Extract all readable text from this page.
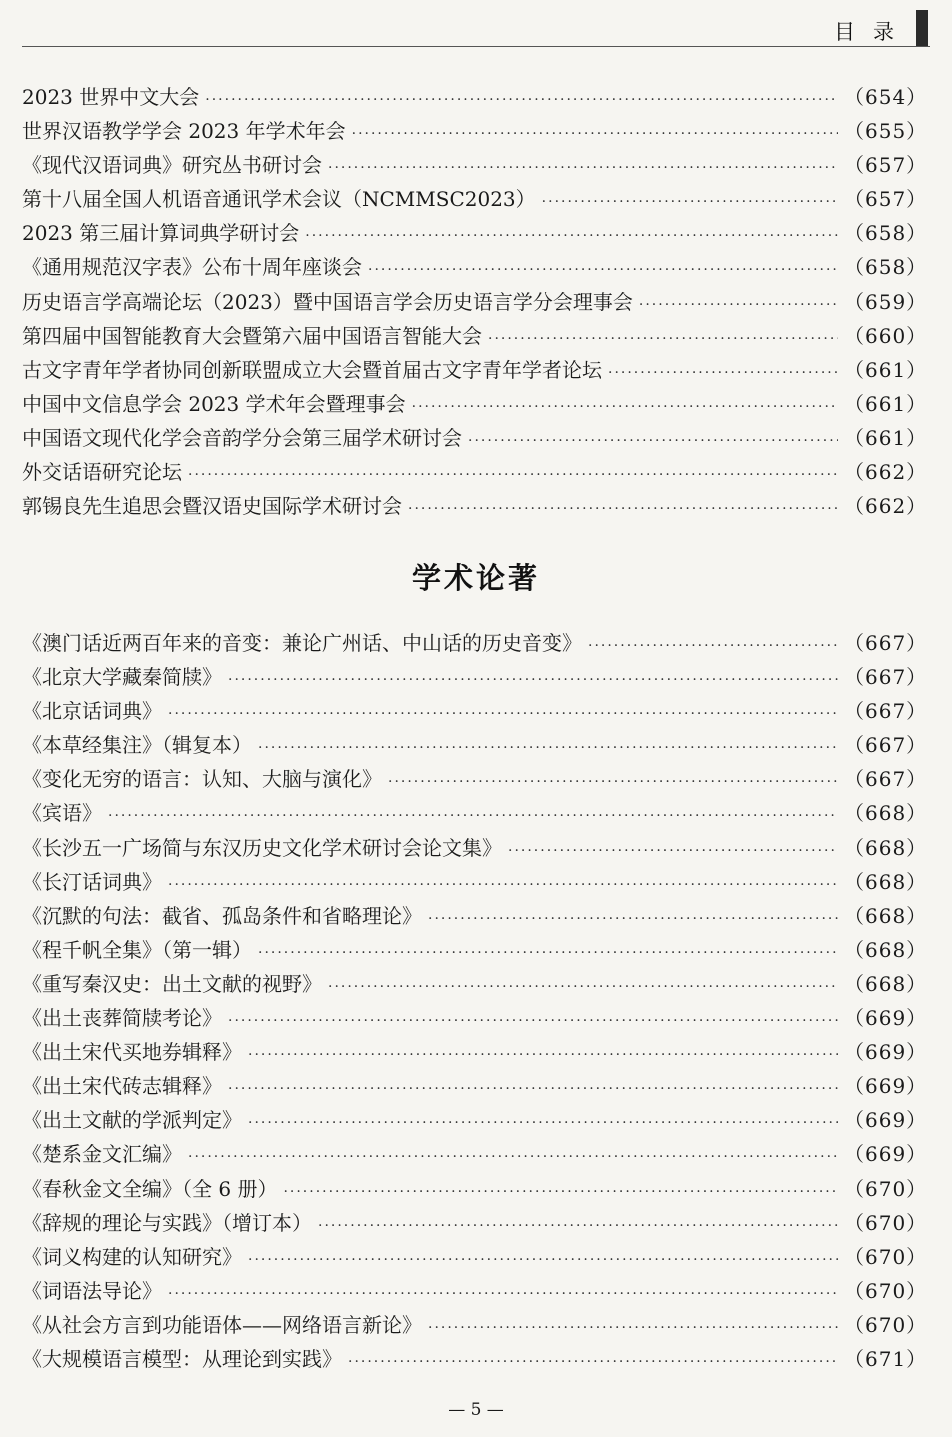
目录
2023 世界中文大会 ·····	（654）
世界汉语教学学会 2023 年学术年会 ·····	（655）
《现代汉语词典》研究丛书研讨会 ·····	（657）
第十八届全国人机语音通讯学术会议（NCMMSC2023） ·····	（657）
2023 第三届计算词典学研讨会 ·····	（658）
《通用规范汉字表》公布十周年座谈会 ·····	（658）
历史语言学高端论坛（2023）暨中国语言学会历史语言学分会理事会 ·····	（659）
第四届中国智能教育大会暨第六届中国语言智能大会 ·····	（660）
古文字青年学者协同创新联盟成立大会暨首届古文字青年学者论坛 ·····	（661）
中国中文信息学会 2023 学术年会暨理事会 ·····	（661）
中国语文现代化学会音韵学分会第三届学术研讨会 ·····	（661）
外交话语研究论坛 ·····	（662）
郭锡良先生追思会暨汉语史国际学术研讨会 ·····	（662）
学术论著
《澳门话近两百年来的音变：兼论广州话、中山话的历史音变》 ·····	（667）
《北京大学藏秦简牍》 ·····	（667）
《北京话词典》 ·····	（667）
《本草经集注》（辑复本） ·····	（667）
《变化无穷的语言：认知、大脑与演化》 ·····	（667）
《宾语》 ·····	（668）
《长沙五一广场简与东汉历史文化学术研讨会论文集》 ·····	（668）
《长汀话词典》 ·····	（668）
《沉默的句法：截省、孤岛条件和省略理论》 ·····	（668）
《程千帆全集》（第一辑） ·····	（668）
《重写秦汉史：出土文献的视野》 ·····	（668）
《出土丧葬简牍考论》 ·····	（669）
《出土宋代买地券辑释》 ·····	（669）
《出土宋代砖志辑释》 ·····	（669）
《出土文献的学派判定》 ·····	（669）
《楚系金文汇编》 ·····	（669）
《春秋金文全编》（全 6 册） ·····	（670）
《辞规的理论与实践》（增订本） ·····	（670）
《词义构建的认知研究》 ·····	（670）
《词语法导论》 ·····	（670）
《从社会方言到功能语体——网络语言新论》 ·····	（670）
《大规模语言模型：从理论到实践》 ·····	（671）
— 5 —
